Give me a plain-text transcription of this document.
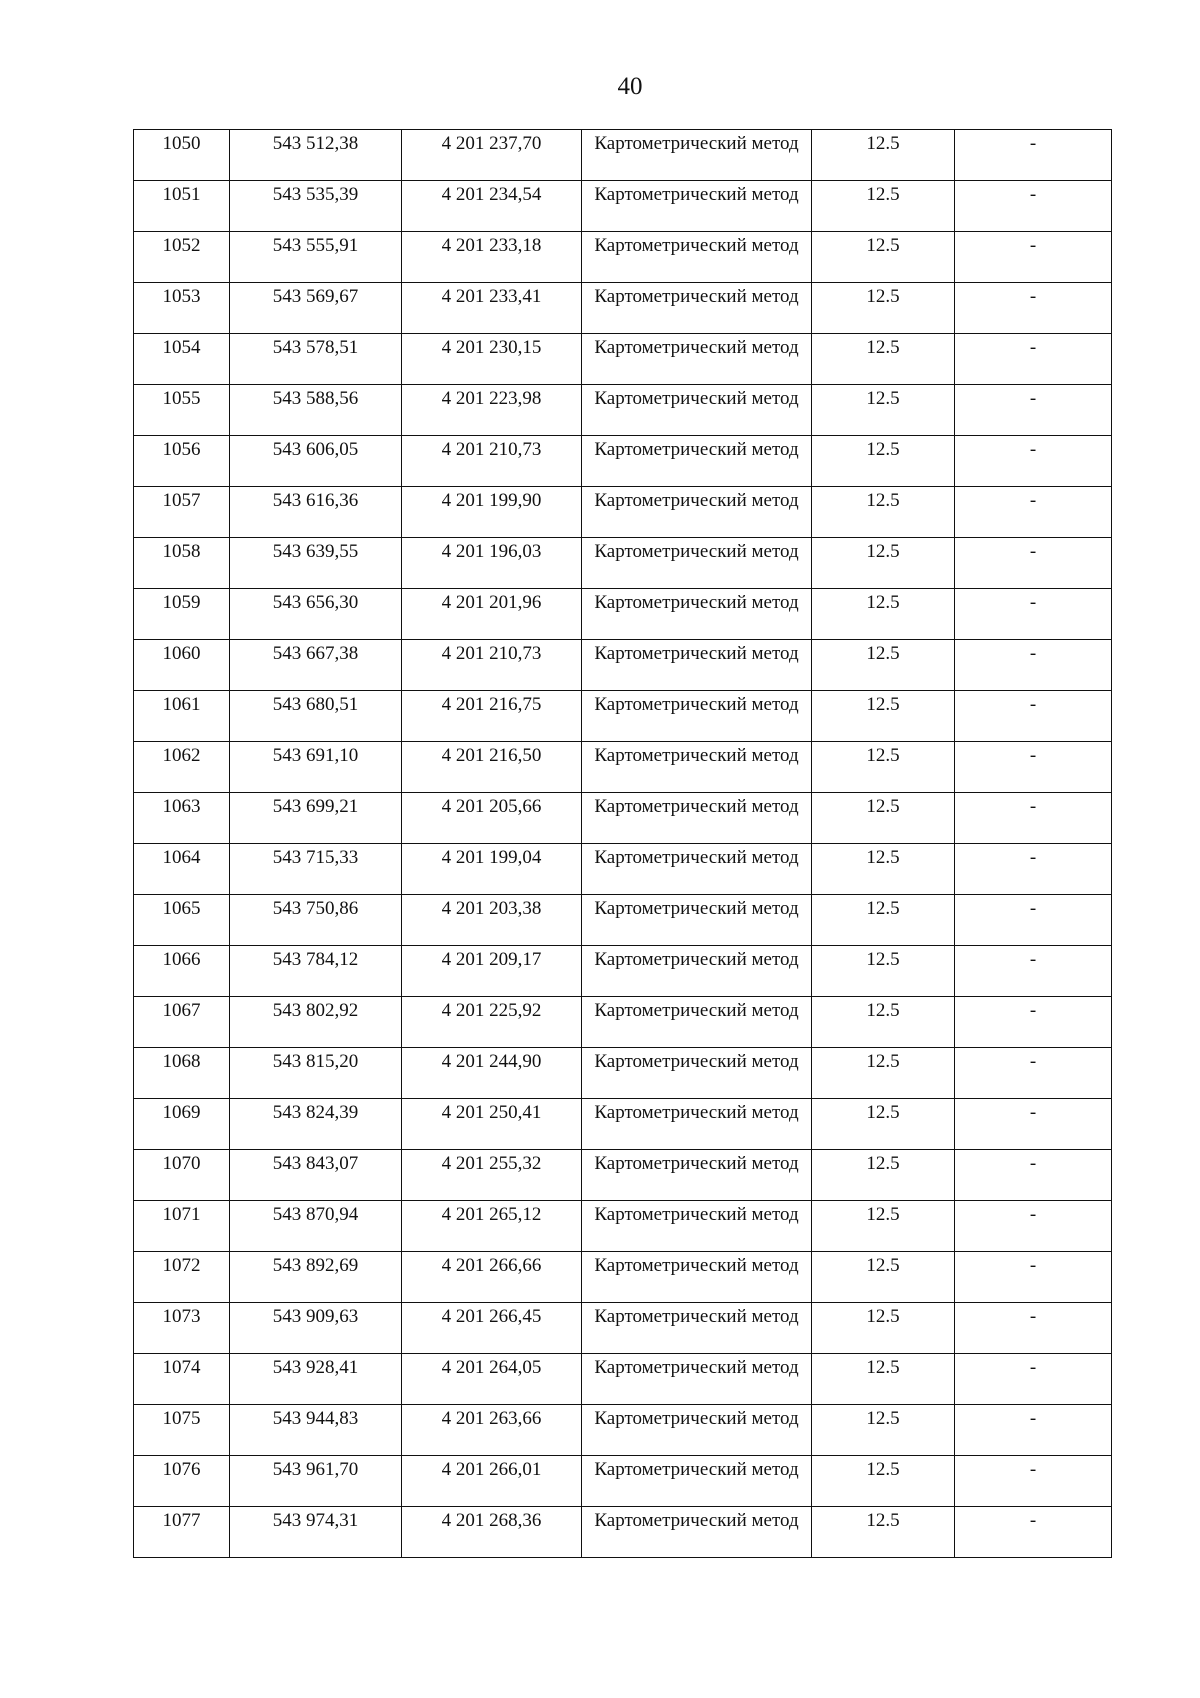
40
1050	543 512,38	4 201 237,70	Картометрический метод	12.5	-

1051	543 535,39	4 201 234,54	Картометрический метод	12.5	-

1052	543 555,91	4 201 233,18	Картометрический метод	12.5	-

1053	543 569,67	4 201 233,41	Картометрический метод	12.5	-

1054	543 578,51	4 201 230,15	Картометрический метод	12.5	-

1055	543 588,56	4 201 223,98	Картометрический метод	12.5	-

1056	543 606,05	4 201 210,73	Картометрический метод	12.5	-

1057	543 616,36	4 201 199,90	Картометрический метод	12.5	-

1058	543 639,55	4 201 196,03	Картометрический метод	12.5	-

1059	543 656,30	4 201 201,96	Картометрический метод	12.5	-

1060	543 667,38	4 201 210,73	Картометрический метод	12.5	-

1061	543 680,51	4 201 216,75	Картометрический метод	12.5	-

1062	543 691,10	4 201 216,50	Картометрический метод	12.5	-

1063	543 699,21	4 201 205,66	Картометрический метод	12.5	-

1064	543 715,33	4 201 199,04	Картометрический метод	12.5	-

1065	543 750,86	4 201 203,38	Картометрический метод	12.5	-

1066	543 784,12	4 201 209,17	Картометрический метод	12.5	-

1067	543 802,92	4 201 225,92	Картометрический метод	12.5	-

1068	543 815,20	4 201 244,90	Картометрический метод	12.5	-

1069	543 824,39	4 201 250,41	Картометрический метод	12.5	-

1070	543 843,07	4 201 255,32	Картометрический метод	12.5	-

1071	543 870,94	4 201 265,12	Картометрический метод	12.5	-

1072	543 892,69	4 201 266,66	Картометрический метод	12.5	-

1073	543 909,63	4 201 266,45	Картометрический метод	12.5	-

1074	543 928,41	4 201 264,05	Картометрический метод	12.5	-

1075	543 944,83	4 201 263,66	Картометрический метод	12.5	-

1076	543 961,70	4 201 266,01	Картометрический метод	12.5	-

1077	543 974,31	4 201 268,36	Картометрический метод	12.5	-
